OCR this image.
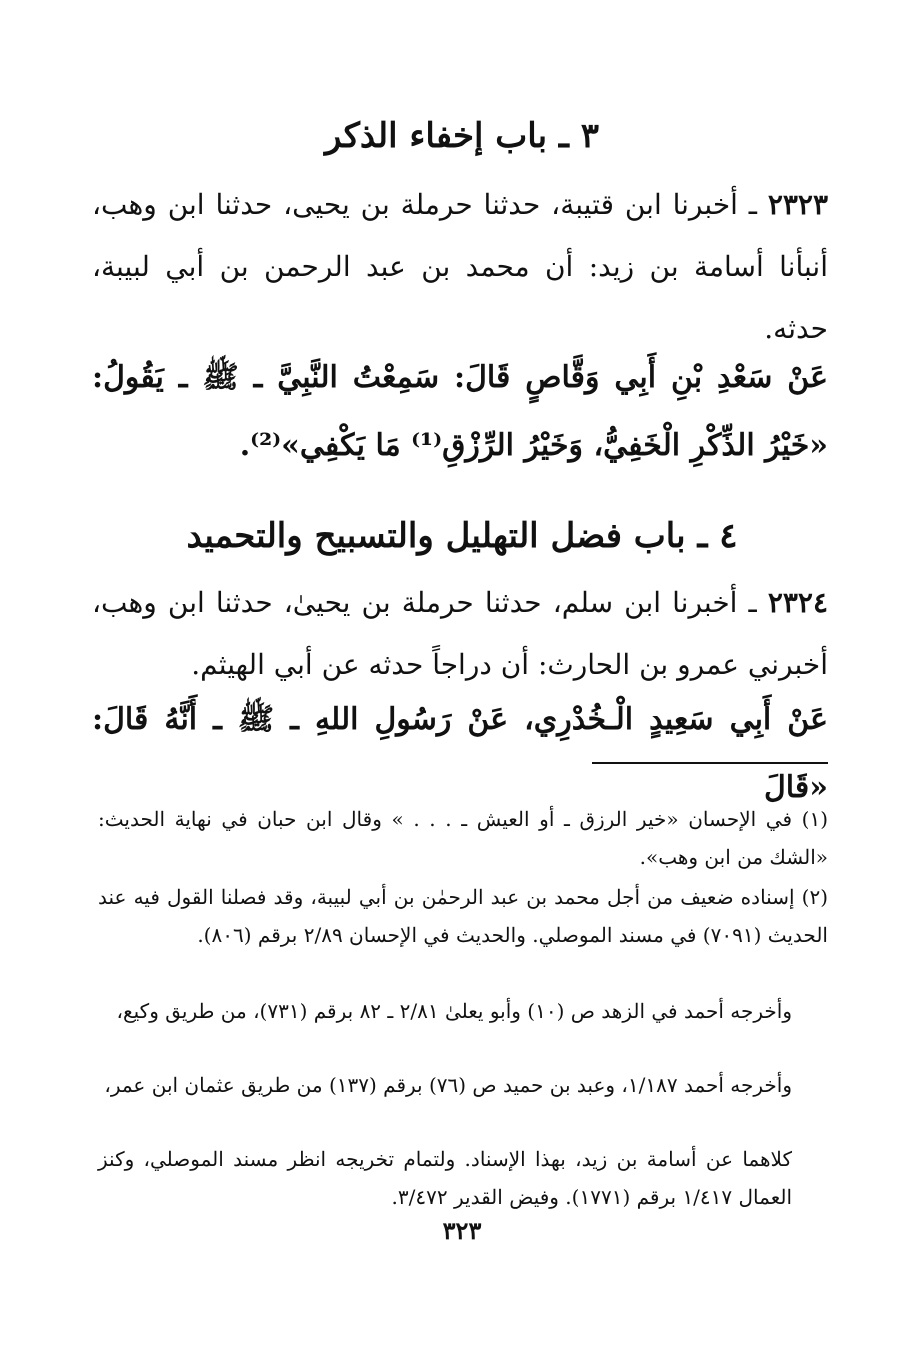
٣ ـ باب إخفاء الذكر
٢٣٢٣ ـ أخبرنا ابن قتيبة، حدثنا حرملة بن يحيى، حدثنا ابن وهب، أنبأنا أسامة بن زيد: أن محمد بن عبد الرحمن بن أبي لبيبة، حدثه.
عَنْ سَعْدِ بْنِ أَبِي وَقَّاصٍ قَالَ: سَمِعْتُ النَّبِيَّ ـ ﷺ ـ يَقُولُ: «خَيْرُ الذِّكْرِ الْخَفِيُّ، وَخَيْرُ الرِّزْقِ⁽¹⁾ مَا يَكْفِي»⁽²⁾.
٤ ـ باب فضل التهليل والتسبيح والتحميد
٢٣٢٤ ـ أخبرنا ابن سلم، حدثنا حرملة بن يحيىٰ، حدثنا ابن وهب، أخبرني عمرو بن الحارث: أن دراجاً حدثه عن أبي الهيثم.
عَنْ أَبِي سَعِيدٍ الْـخُدْرِي، عَنْ رَسُولِ اللهِ ـ ﷺ ـ أَنَّهُ قَالَ: «قَالَ
(١) في الإحسان «خير الرزق ـ أو العيش ـ . . . » وقال ابن حبان في نهاية الحديث: «الشك من ابن وهب».
(٢) إسناده ضعيف من أجل محمد بن عبد الرحمٰن بن أبي لبيبة، وقد فصلنا القول فيه عند الحديث (٧٠٩١) في مسند الموصلي. والحديث في الإحسان ٢/٨٩ برقم (٨٠٦).
وأخرجه أحمد في الزهد ص (١٠) وأبو يعلىٰ ٢/٨١ ـ ٨٢ برقم (٧٣١)، من طريق وكيع،
وأخرجه أحمد ١/١٨٧، وعبد بن حميد ص (٧٦) برقم (١٣٧) من طريق عثمان ابن عمر،
كلاهما عن أسامة بن زيد، بهذا الإسناد. ولتمام تخريجه انظر مسند الموصلي، وكنز العمال ١/٤١٧ برقم (١٧٧١). وفيض القدير ٣/٤٧٢.
٣٢٣
